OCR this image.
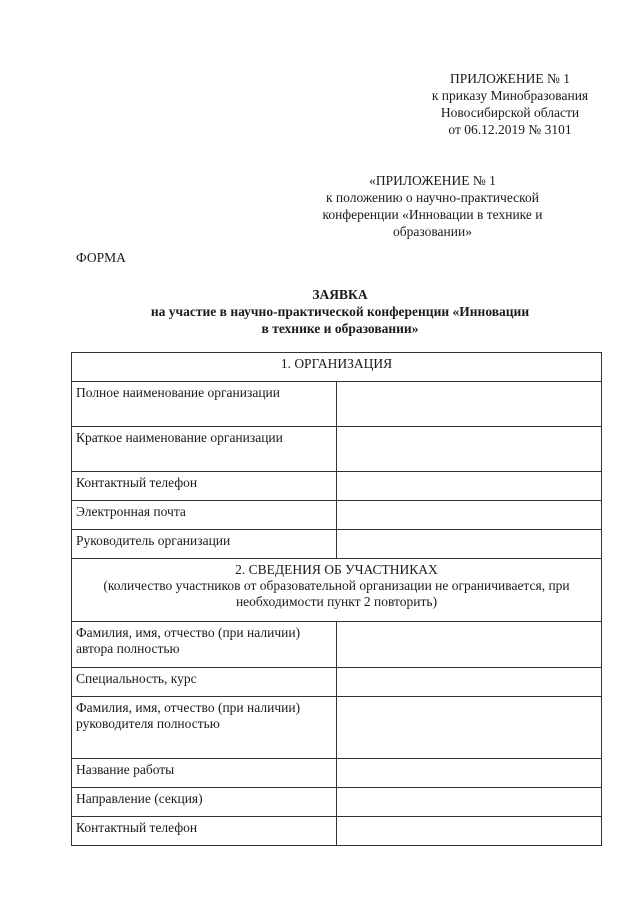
ПРИЛОЖЕНИЕ № 1
к приказу Минобразования
Новосибирской области
от 06.12.2019 № 3101
«ПРИЛОЖЕНИЕ № 1
к положению о научно-практической
конференции «Инновации в технике и
образовании»
ФОРМА
ЗАЯВКА
на участие в научно-практической конференции «Инновации
в технике и образовании»
1. ОРГАНИЗАЦИЯ	
Полное наименование организации	
Краткое наименование организации	
Контактный телефон	
Электронная почта	
Руководитель организации	

2. СВЕДЕНИЯ ОБ УЧАСТНИКАХ
(количество участников от образовательной организации не ограничивается, при необходимости пункт 2 повторить)	

Фамилия, имя, отчество (при наличии) автора полностью	
Специальность, курс	
Фамилия, имя, отчество (при наличии) руководителя полностью	
Название работы	
Направление (секция)	
Контактный телефон	
